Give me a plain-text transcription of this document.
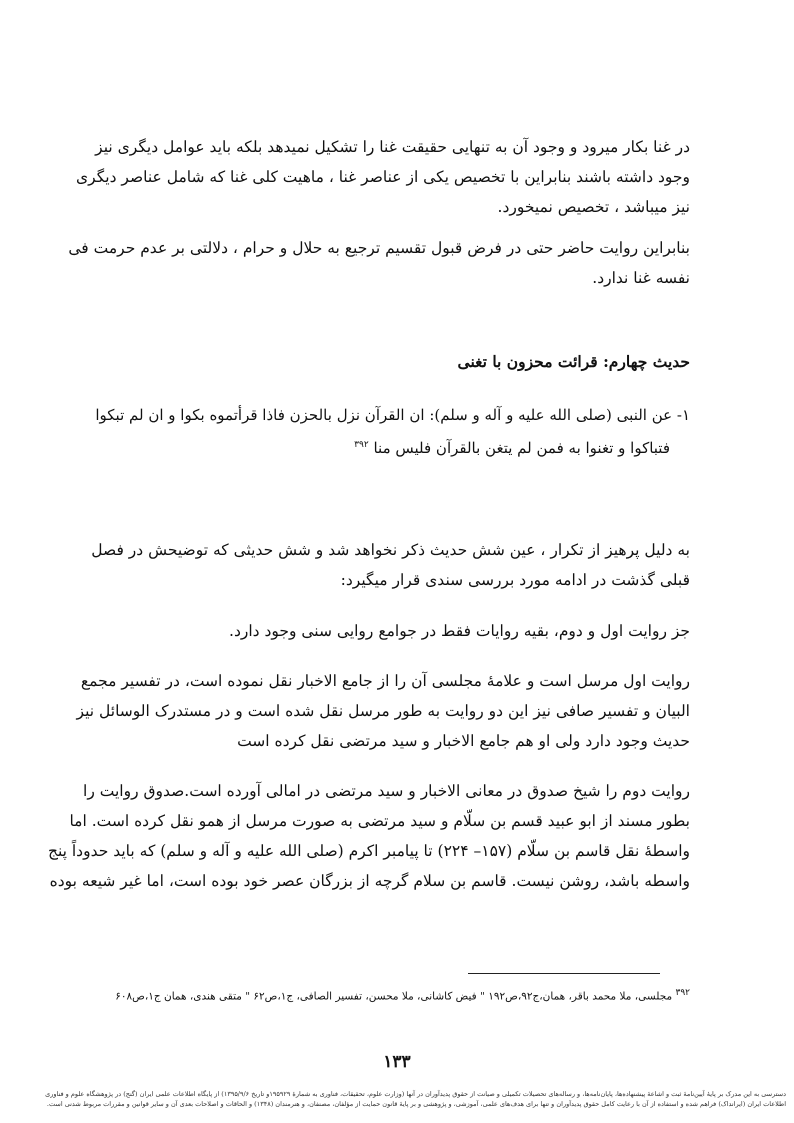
در غنا بکار میرود و وجود آن به تنهایی حقیقت غنا را تشکیل نمیدهد بلکه باید عوامل دیگری نیز
وجود داشته باشند بنابراین با تخصیص یکی از عناصر غنا ، ماهیت کلی غنا که شامل عناصر دیگری
نیز میباشد ، تخصیص نمیخورد.
بنابراین روایت حاضر حتی در فرض قبول تقسیم ترجیع به حلال و حرام ، دلالتی بر عدم حرمت فی
نفسه غنا ندارد.
حدیث چهارم: قرائت محزون با تغنی
۱- عن النبی (صلی الله علیه و آله و سلم): ان القرآن نزل بالحزن فاذا قرأتموه بکوا و ان لم تبکوا
فتباکوا و تغنوا به فمن لم یتغن بالقرآن فلیس منا $^{۳۹۲}$
به دلیل پرهیز از تکرار ، عین شش حدیث ذکر نخواهد شد و شش حدیثی که توضیحش در فصل
قبلی گذشت در ادامه مورد بررسی سندی قرار میگیرد:
جز روایت اول و دوم، بقیه روایات فقط در جوامع روایی سنی وجود دارد.
روایت اول مرسل است و علامهٔ مجلسی آن را از جامع الاخبار نقل نموده است، در تفسیر مجمع
البیان و تفسیر صافی نیز این دو روایت به طور مرسل نقل شده است و در مستدرک الوسائل نیز
حدیث وجود دارد ولی او هم جامع الاخبار و سید مرتضی نقل کرده است
روایت دوم را شیخ صدوق در معانی الاخبار و سید مرتضی در امالی آورده است.صدوق روایت را
بطور مسند از ابو عبید قسم بن سلّام و سید مرتضی به صورت مرسل از همو نقل کرده است. اما
واسطهٔ نقل قاسم بن سلّام (۱۵۷– ۲۲۴) تا پیامبر اکرم (صلی الله علیه و آله و سلم) که باید حدوداً پنج
واسطه باشد، روشن نیست. قاسم بن سلام گرچه از بزرگان عصر خود بوده است، اما غیر شیعه بوده
$^{۳۹۲}$ مجلسی، ملا محمد باقر، همان،ج۹۲،ص۱۹۲ " فیض کاشانی، ملا محسن، تفسیر الصافی، ج۱،ص۶۲ " متقی هندی، همان ج۱،ص۶۰۸
۱۳۳
دسترسی به این مدرک بر پایهٔ آیین‌نامهٔ ثبت و اشاعهٔ پیشنهاده‌ها، پایان‌نامه‌ها، و رساله‌های تحصیلات تکمیلی و صیانت از حقوق پدیدآوران در آنها (وزارت علوم، تحقیقات، فناوری به شمارهٔ ۱۹۵۹۲۹و تاریخ ۱۳۹۵/۹/۶) از پایگاه اطلاعات علمی ایران (گنج) در پژوهشگاه علوم و فناوری
اطلاعات ایران (ایرانداک) فراهم شده و استفاده از آن با رعایت کامل حقوق پدیدآوران و تنها برای هدف‌های علمی، آموزشی، و پژوهشی و بر پایهٔ قانون حمایت از مؤلفان، مصنفان، و هنرمندان (۱۳۴۸) و الحاقات و اصلاحات بعدی آن و سایر قوانین و مقررات مربوط شدنی است.
